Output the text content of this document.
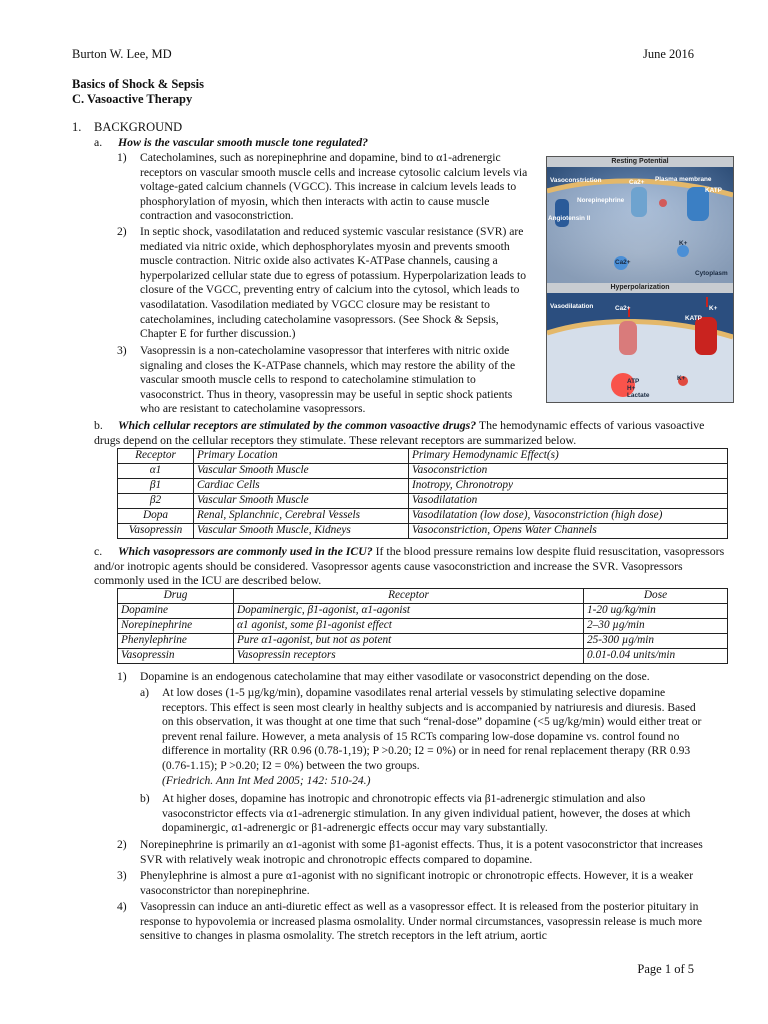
Burton W. Lee, MD	June 2016
Basics of Shock & Sepsis
C. Vasoactive Therapy
1. BACKGROUND
a. How is the vascular smooth muscle tone regulated?
1) Catecholamines, such as norepinephrine and dopamine, bind to α1-adrenergic receptors on vascular smooth muscle cells and increase cytosolic calcium levels via voltage-gated calcium channels (VGCC). This increase in calcium levels leads to phosphorylation of myosin, which then interacts with actin to cause muscle contraction and vasoconstriction.
2) In septic shock, vasodilatation and reduced systemic vascular resistance (SVR) are mediated via nitric oxide, which dephosphorylates myosin and prevents smooth muscle contraction. Nitric oxide also activates K-ATPase channels, causing a hyperpolarized cellular state due to egress of potassium. Hyperpolarization leads to closure of the VGCC, preventing entry of calcium into the cytosol, which leads to vasodilatation. Vasodilation mediated by VGCC closure may be resistant to catecholamines, including catecholamine vasopressors. (See Shock & Sepsis, Chapter E for further discussion.)
3) Vasopressin is a non-catecholamine vasopressor that interferes with nitric oxide signaling and closes the K-ATPase channels, which may restore the ability of the vascular smooth muscle cells to respond to catecholamine stimulation to vasoconstrict. Thus in theory, vasopressin may be useful in septic shock patients who are resistant to catecholamine vasopressors.
Resting Potential
Hyperpolarization
Vasoconstriction	Ca2+ Plasma membrane
KATP
Norepinephrine
Angiotensin II
K+
Ca2+
Cytoplasm
Vasodilatation	Ca2+	K+
KATP
K+
ATP
H+
Lactate
b. Which cellular receptors are stimulated by the common vasoactive drugs? The hemodynamic effects of various vasoactive drugs depend on the cellular receptors they stimulate. These relevant receptors are summarized below.
Receptor	Primary Location	Primary Hemodynamic Effect(s)
α1	Vascular Smooth Muscle	Vasoconstriction
β1	Cardiac Cells	Inotropy, Chronotropy
β2	Vascular Smooth Muscle	Vasodilatation
Dopa	Renal, Splanchnic, Cerebral Vessels	Vasodilatation (low dose), Vasoconstriction (high dose)
Vasopressin	Vascular Smooth Muscle, Kidneys	Vasoconstriction, Opens Water Channels
c. Which vasopressors are commonly used in the ICU? If the blood pressure remains low despite fluid resuscitation, vasopressors and/or inotropic agents should be considered. Vasopressor agents cause vasoconstriction and increase the SVR. Vasopressors commonly used in the ICU are described below.
Drug	Receptor	Dose
Dopamine	Dopaminergic, β1-agonist, α1-agonist	1-20 ug/kg/min
Norepinephrine	α1 agonist, some β1-agonist effect	2–30 µg/min
Phenylephrine	Pure α1-agonist, but not as potent	25-300 µg/min
Vasopressin	Vasopressin receptors	0.01-0.04 units/min
1) Dopamine is an endogenous catecholamine that may either vasodilate or vasoconstrict depending on the dose.
a) At low doses (1-5 µg/kg/min), dopamine vasodilates renal arterial vessels by stimulating selective dopamine receptors. This effect is seen most clearly in healthy subjects and is accompanied by natriuresis and diuresis. Based on this observation, it was thought at one time that such “renal-dose” dopamine (<5 ug/kg/min) would either treat or prevent renal failure. However, a meta analysis of 15 RCTs comparing low-dose dopamine vs. control found no difference in mortality (RR 0.96 (0.78-1,19); P >0.20; I2 = 0%) or in need for renal replacement therapy (RR 0.93 (0.76-1.15); P >0.20; I2 = 0%) between the two groups.
(Friedrich. Ann Int Med 2005; 142: 510-24.)
b) At higher doses, dopamine has inotropic and chronotropic effects via β1-adrenergic stimulation and also vasoconstrictor effects via α1-adrenergic stimulation. In any given individual patient, however, the doses at which dopaminergic, α1-adrenergic or β1-adrenergic effects occur may vary substantially.
2) Norepinephrine is primarily an α1-agonist with some β1-agonist effects. Thus, it is a potent vasoconstrictor that increases SVR with relatively weak inotropic and chronotropic effects compared to dopamine.
3) Phenylephrine is almost a pure α1-agonist with no significant inotropic or chronotropic effects. However, it is a weaker vasoconstrictor than norepinephrine.
4) Vasopressin can induce an anti-diuretic effect as well as a vasopressor effect. It is released from the posterior pituitary in response to hypovolemia or increased plasma osmolality. Under normal circumstances, vasopressin release is much more sensitive to changes in plasma osmolality. The stretch receptors in the left atrium, aortic
Page 1 of 5
